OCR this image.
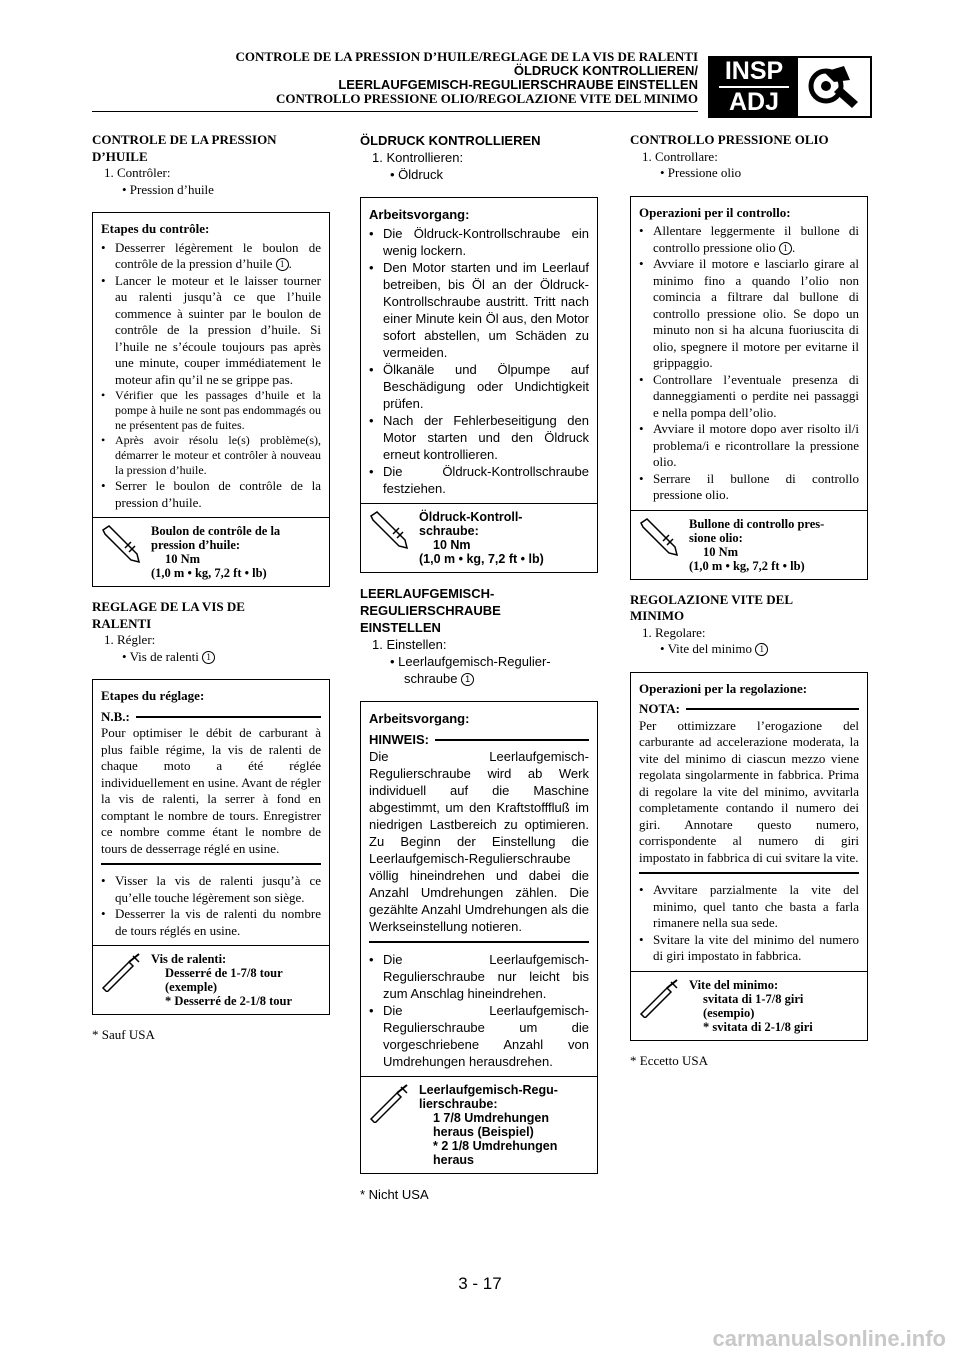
CONTROLE DE LA PRESSION D’HUILE/REGLAGE DE LA VIS DE RALENTI
ÖLDRUCK KONTROLLIEREN/
LEERLAUFGEMISCH-REGULIERSCHRAUBE EINSTELLEN
CONTROLLO PRESSIONE OLIO/REGOLAZIONE VITE DEL MINIMO
INSP
ADJ

CONTROLE DE LA PRESSION

D’HUILE

1. Contrôler:

• Pression d’huile

Etapes du contrôle:
• Desserrer légèrement le boulon de contrôle de la pression d’huile 1 .
• Lancer le moteur et le laisser tourner au ralenti jusqu’à ce que l’huile commence à suinter par le boulon de contrôle de la pression d’huile. Si l’huile ne s’écoule toujours pas après une minute, couper immédiatement le moteur afin qu’il ne se grippe pas.
• Vérifier que les passages d’huile et la pompe à huile ne sont pas endommagés ou ne présentent pas de fuites.
• Après avoir résolu le(s) problème(s), démarrer le moteur et contrôler à nouveau la pression d’huile.
• Serrer le boulon de contrôle de la pression d’huile.
Boulon de contrôle de la
pression d’huile:

10 Nm
(1,0 m • kg, 7,2 ft • lb)

REGLAGE DE LA VIS DE

RALENTI

1. Régler:

• Vis de ralenti 1

Etapes du réglage:
N.B.:
Pour optimiser le débit de carburant à plus faible régime, la vis de ralenti de chaque moto a été réglée individuellement en usine. Avant de régler la vis de ralenti, la serrer à fond en comptant le nombre de tours. Enregistrer ce nombre comme étant le nombre de tours de desserrage réglé en usine.
• Visser la vis de ralenti jusqu’à ce qu’elle touche légèrement son siège.
• Desserrer la vis de ralenti du nombre de tours réglés en usine.
Vis de ralenti:

Desserré de 1-7/8 tour
(exemple)
* Desserré de 2-1/8 tour

* Sauf USA

ÖLDRUCK KONTROLLIEREN

1. Kontrollieren:

• Öldruck

Arbeitsvorgang:
• Die Öldruck-Kontrollschraube ein wenig lockern.
• Den Motor starten und im Leerlauf betreiben, bis Öl an der Öldruck-Kontrollschraube austritt. Tritt nach einer Minute kein Öl aus, den Motor sofort abstellen, um Schäden zu vermeiden.
• Ölkanäle und Ölpumpe auf Beschädigung oder Undichtigkeit prüfen.
• Nach der Fehlerbeseitigung den Motor starten und den Öldruck erneut kontrollieren.
• Die Öldruck-Kontrollschraube festziehen.
Öldruck-Kontroll-
schraube:

10 Nm
(1,0 m • kg, 7,2 ft • lb)

LEERLAUFGEMISCH-

REGULIERSCHRAUBE

EINSTELLEN

1. Einstellen:

• Leerlaufgemisch-Regulier-

schraube 1

Arbeitsvorgang:
HINWEIS:
Die Leerlaufgemisch-Regulierschraube wird ab Werk individuell auf die Maschine abgestimmt, um den Kraftstofffluß im niedrigen Lastbereich zu optimieren. Zu Beginn der Einstellung die Leerlaufgemisch-Regulierschraube völlig hineindrehen und dabei die Anzahl Umdrehungen zählen. Die gezählte Anzahl Umdrehungen als die Werkseinstellung notieren.
• Die Leerlaufgemisch-Regulierschraube nur leicht bis zum Anschlag hineindrehen.
• Die Leerlaufgemisch-Regulierschraube um die vorgeschriebene Anzahl von Umdrehungen herausdrehen.
Leerlaufgemisch-Regu-
lierschraube:
1 7/8 Umdrehungen
heraus (Beispiel)
* 2 1/8 Umdrehungen
heraus

* Nicht USA

CONTROLLO PRESSIONE OLIO

1. Controllare:

• Pressione olio

Operazioni per il controllo:
• Allentare leggermente il bullone di controllo pressione olio 1 .
• Avviare il motore e lasciarlo girare al minimo fino a quando l’olio non comincia a filtrare dal bullone di controllo pressione olio. Se dopo un minuto non si ha alcuna fuoriuscita di olio, spegnere il motore per evitarne il grippaggio.
• Controllare l’eventuale presenza di danneggiamenti o perdite nei passaggi e nella pompa dell’olio.
• Avviare il motore dopo aver risolto il/i problema/i e ricontrollare la pressione olio.
• Serrare il bullone di controllo pressione olio.
Bullone di controllo pres-
sione olio:

10 Nm
(1,0 m • kg, 7,2 ft • lb)

REGOLAZIONE VITE DEL

MINIMO

1. Regolare:

• Vite del minimo 1

Operazioni per la regolazione:
NOTA:
Per ottimizzare l’erogazione del carburante ad accelerazione moderata, la vite del minimo di ciascun mezzo viene regolata singolarmente in fabbrica. Prima di regolare la vite del minimo, avvitarla completamente contando il numero dei giri. Annotare questo numero, corrispondente al numero di giri impostato in fabbrica di cui svitare la vite.
• Avvitare parzialmente la vite del minimo, quel tanto che basta a farla rimanere nella sua sede.
• Svitare la vite del minimo del numero di giri impostato in fabbrica.
Vite del minimo:

svitata di 1-7/8 giri
(esempio)
* svitata di 2-1/8 giri

* Eccetto USA

3 - 17
carmanualsonline.info
